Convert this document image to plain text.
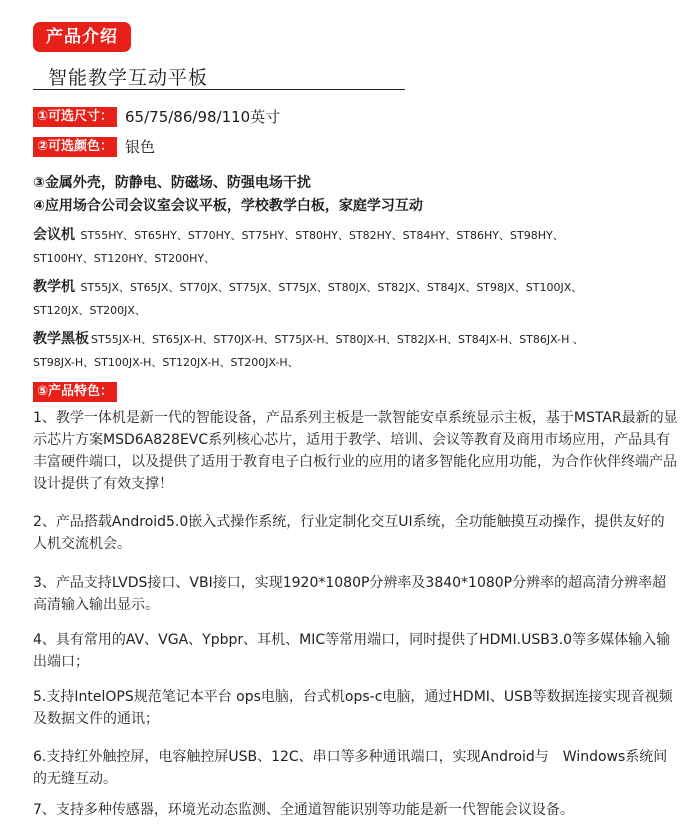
产品介绍
智能教学互动平板
①可选尺寸： 65/75/86/98/110英寸
②可选颜色： 银色
③金属外壳，防静电、防磁场、防强电场干扰
④应用场合公司会议室会议平板，学校教学白板，家庭学习互动
会议机 ST55HY、ST65HY、ST70HY、ST75HY、ST80HY、ST82HY、ST84HY、ST86HY、ST98HY、
ST100HY、ST120HY、ST200HY、
教学机 ST55JX、ST65JX、ST70JX、ST75JX、ST75JX、ST80JX、ST82JX、ST84JX、ST98JX、ST100JX、
ST120JX、ST200JX、
教学黑板 ST55JX-H、ST65JX-H、ST70JX-H、ST75JX-H、ST80JX-H、ST82JX-H、ST84JX-H、ST86JX-H 、
ST98JX-H、ST100JX-H、ST120JX-H、ST200JX-H、
⑤产品特色：
1、教学一体机是新一代的智能设备，产品系列主板是一款智能安卓系统显示主板，基于MSTAR最新的显示芯片方案MSD6A828EVC系列核心芯片，适用于教学、培训、会议等教育及商用市场应用，产品具有丰富硬件端口，以及提供了适用于教育电子白板行业的应用的诸多智能化应用功能，为合作伙伴终端产品设计提供了有效支撑！
2、产品搭载Android5.0嵌入式操作系统，行业定制化交互UI系统，全功能触摸互动操作，提供友好的人机交流机会。
3、产品支持LVDS接口、VBI接口，实现1920*1080P分辨率及3840*1080P分辨率的超高清分辨率超高清输入输出显示。
4、具有常用的AV、VGA、Ypbpr、耳机、MIC等常用端口，同时提供了HDMI.USB3.0等多媒体输入输出端口；
5.支持IntelOPS规范笔记本平台 ops电脑，台式机ops-c电脑，通过HDMI、USB等数据连接实现音视频及数据文件的通讯；
6.支持红外触控屏，电容触控屏USB、12C、串口等多种通讯端口，实现Android与　Windows系统间的无缝互动。
7、支持多种传感器，环境光动态监测、全通道智能识别等功能是新一代智能会议设备。
